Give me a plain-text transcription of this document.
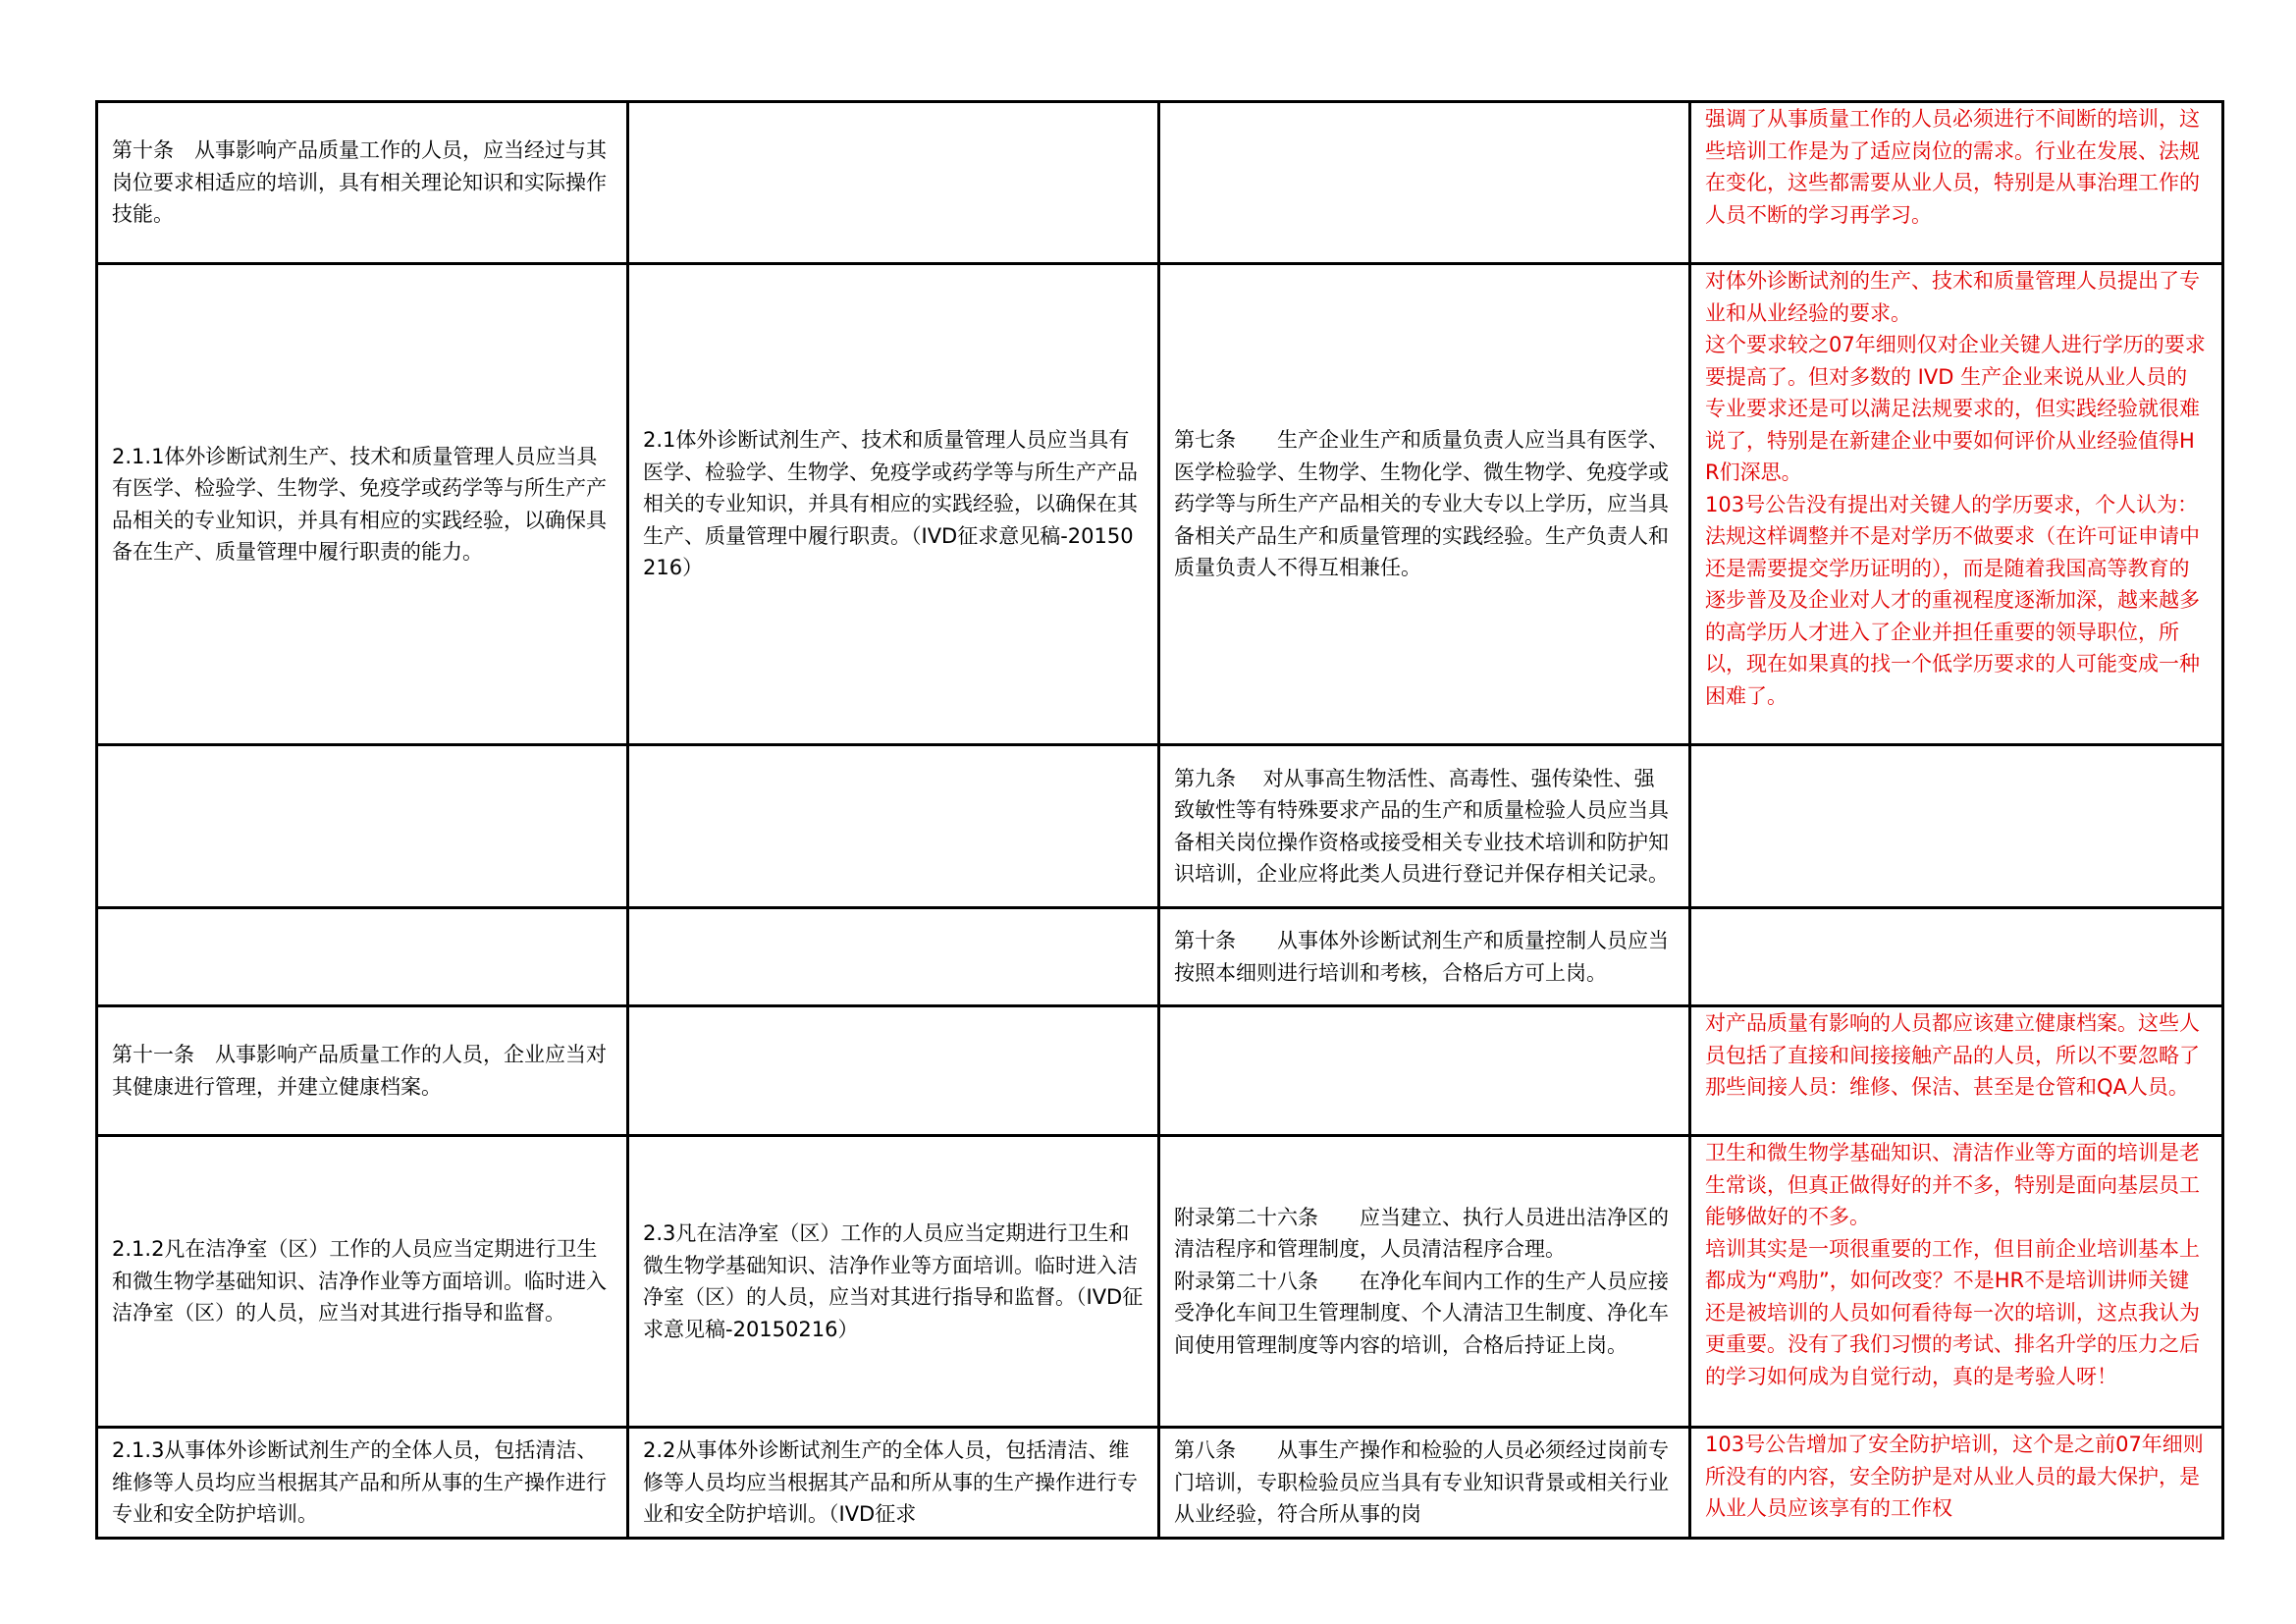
第十条　从事影响产品质量工作的人员，应当经过与其岗位要求相适应的培训，具有相关理论知识和实际操作技能。			强调了从事质量工作的人员必须进行不间断的培训，这些培训工作是为了适应岗位的需求。行业在发展、法规在变化，这些都需要从业人员，特别是从事治理工作的人员不断的学习再学习。

2.1.1体外诊断试剂生产、技术和质量管理人员应当具有医学、检验学、生物学、免疫学或药学等与所生产产品相关的专业知识，并具有相应的实践经验，以确保具备在生产、质量管理中履行职责的能力。	2.1体外诊断试剂生产、技术和质量管理人员应当具有医学、检验学、生物学、免疫学或药学等与所生产产品相关的专业知识，并具有相应的实践经验，以确保在其生产、质量管理中履行职责。（IVD征求意见稿-20150216）	第七条　　生产企业生产和质量负责人应当具有医学、医学检验学、生物学、生物化学、微生物学、免疫学或药学等与所生产产品相关的专业大专以上学历，应当具备相关产品生产和质量管理的实践经验。生产负责人和质量负责人不得互相兼任。	对体外诊断试剂的生产、技术和质量管理人员提出了专业和从业经验的要求。
这个要求较之07年细则仅对企业关键人进行学历的要求要提高了。但对多数的 IVD 生产企业来说从业人员的专业要求还是可以满足法规要求的，但实践经验就很难说了，特别是在新建企业中要如何评价从业经验值得HR们深思。
103号公告没有提出对关键人的学历要求，个人认为：法规这样调整并不是对学历不做要求（在许可证申请中还是需要提交学历证明的），而是随着我国高等教育的逐步普及及企业对人才的重视程度逐渐加深，越来越多的高学历人才进入了企业并担任重要的领导职位，所以，现在如果真的找一个低学历要求的人可能变成一种困难了。

		第九条　 对从事高生物活性、高毒性、强传染性、强致敏性等有特殊要求产品的生产和质量检验人员应当具备相关岗位操作资格或接受相关专业技术培训和防护知识培训，企业应将此类人员进行登记并保存相关记录。	

		第十条　　从事体外诊断试剂生产和质量控制人员应当按照本细则进行培训和考核，合格后方可上岗。	

第十一条　从事影响产品质量工作的人员，企业应当对其健康进行管理，并建立健康档案。			对产品质量有影响的人员都应该建立健康档案。这些人员包括了直接和间接接触产品的人员，所以不要忽略了那些间接人员：维修、保洁、甚至是仓管和QA人员。

2.1.2凡在洁净室（区）工作的人员应当定期进行卫生和微生物学基础知识、洁净作业等方面培训。临时进入洁净室（区）的人员，应当对其进行指导和监督。	2.3凡在洁净室（区）工作的人员应当定期进行卫生和微生物学基础知识、洁净作业等方面培训。临时进入洁净室（区）的人员，应当对其进行指导和监督。（IVD征求意见稿-20150216）	附录第二十六条　　应当建立、执行人员进出洁净区的清洁程序和管理制度，人员清洁程序合理。
附录第二十八条　　在净化车间内工作的生产人员应接受净化车间卫生管理制度、个人清洁卫生制度、净化车间使用管理制度等内容的培训，合格后持证上岗。	卫生和微生物学基础知识、清洁作业等方面的培训是老生常谈，但真正做得好的并不多，特别是面向基层员工能够做好的不多。
培训其实是一项很重要的工作，但目前企业培训基本上都成为“鸡肋”，如何改变？不是HR不是培训讲师关键还是被培训的人员如何看待每一次的培训，这点我认为更重要。没有了我们习惯的考试、排名升学的压力之后的学习如何成为自觉行动，真的是考验人呀！

2.1.3从事体外诊断试剂生产的全体人员，包括清洁、维修等人员均应当根据其产品和所从事的生产操作进行专业和安全防护培训。	2.2从事体外诊断试剂生产的全体人员，包括清洁、维修等人员均应当根据其产品和所从事的生产操作进行专业和安全防护培训。（IVD征求	第八条　　从事生产操作和检验的人员必须经过岗前专门培训，专职检验员应当具有专业知识背景或相关行业从业经验，符合所从事的岗	103号公告增加了安全防护培训，这个是之前07年细则所没有的内容，安全防护是对从业人员的最大保护，是从业人员应该享有的工作权
